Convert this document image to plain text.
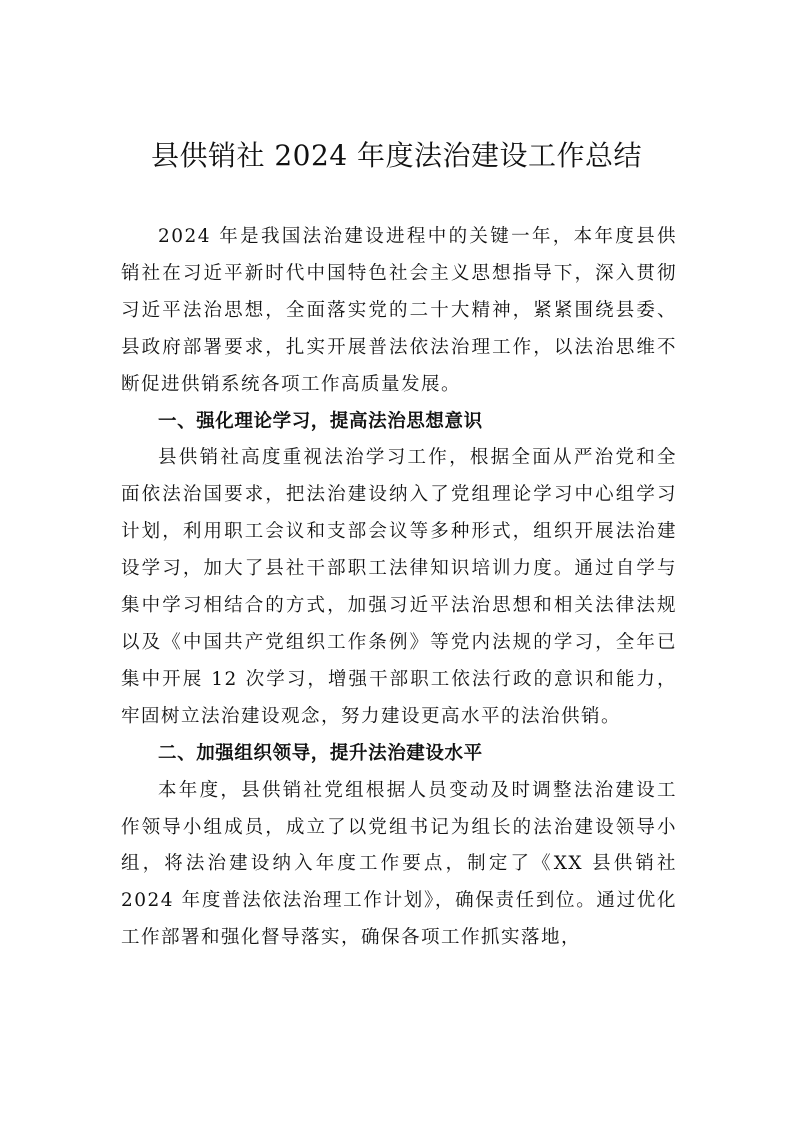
县供销社 2024 年度法治建设工作总结

2024 年是我国法治建设进程中的关键一年，本年度县供销社在习近平新时代中国特色社会主义思想指导下，深入贯彻习近平法治思想，全面落实党的二十大精神，紧紧围绕县委、县政府部署要求，扎实开展普法依法治理工作，以法治思维不断促进供销系统各项工作高质量发展。

一、强化理论学习，提高法治思想意识

县供销社高度重视法治学习工作，根据全面从严治党和全面依法治国要求，把法治建设纳入了党组理论学习中心组学习计划，利用职工会议和支部会议等多种形式，组织开展法治建设学习，加大了县社干部职工法律知识培训力度。通过自学与集中学习相结合的方式，加强习近平法治思想和相关法律法规以及《中国共产党组织工作条例》等党内法规的学习，全年已集中开展 12 次学习，增强干部职工依法行政的意识和能力，牢固树立法治建设观念，努力建设更高水平的法治供销。

二、加强组织领导，提升法治建设水平

本年度，县供销社党组根据人员变动及时调整法治建设工作领导小组成员，成立了以党组书记为组长的法治建设领导小组，将法治建设纳入年度工作要点，制定了《XX 县供销社 2024 年度普法依法治理工作计划》，确保责任到位。通过优化工作部署和强化督导落实，确保各项工作抓实落地，
